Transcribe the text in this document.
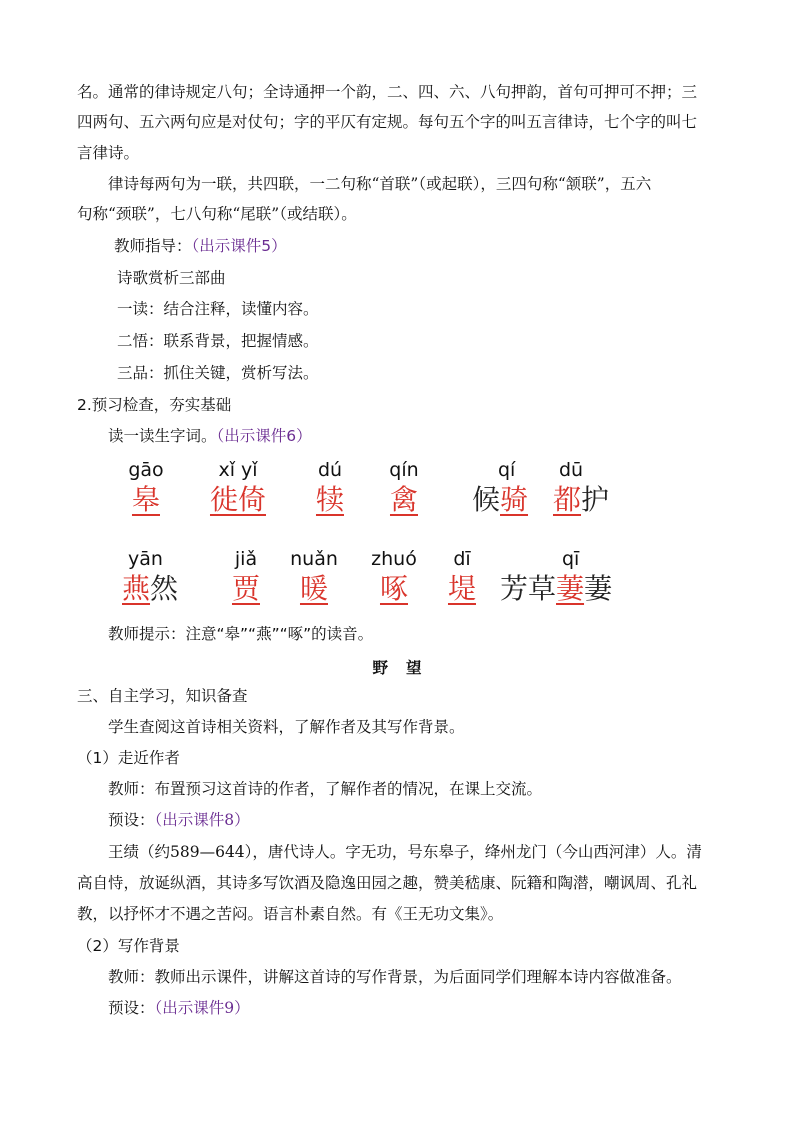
名。通常的律诗规定八句；全诗通押一个韵，二、四、六、八句押韵，首句可押可不押；三
四两句、五六两句应是对仗句；字的平仄有定规。每句五个字的叫五言律诗，七个字的叫七
言律诗。
律诗每两句为一联，共四联，一二句称“首联”（或起联），三四句称“颔联”，五六
句称“颈联”，七八句称“尾联”（或结联）。
教师指导：（出示课件5）
诗歌赏析三部曲
一读：结合注释，读懂内容。
二悟：联系背景，把握情感。
三品：抓住关键，赏析写法。
2.预习检查，夯实基础
读一读生字词。（出示课件6）
gāo
皋
xǐ yǐ
徙倚
dú
犊
qín
禽
qí
候骑
dū
都护
yān
燕然
jiǎ
贾
nuǎn
暖
zhuó
啄
dī
堤
qī
芳草萋萋
教师提示：注意“皋”“燕”“啄”的读音。
野望
三、自主学习，知识备查
学生查阅这首诗相关资料，了解作者及其写作背景。
（1）走近作者
教师：布置预习这首诗的作者，了解作者的情况，在课上交流。
预设：（出示课件8）
王绩（约589—644），唐代诗人。字无功，号东皋子，绛州龙门（今山西河津）人。清
高自恃，放诞纵酒，其诗多写饮酒及隐逸田园之趣，赞美嵇康、阮籍和陶潜，嘲讽周、孔礼
教，以抒怀才不遇之苦闷。语言朴素自然。有《王无功文集》。
（2）写作背景
教师：教师出示课件，讲解这首诗的写作背景，为后面同学们理解本诗内容做准备。
预设：（出示课件9）
